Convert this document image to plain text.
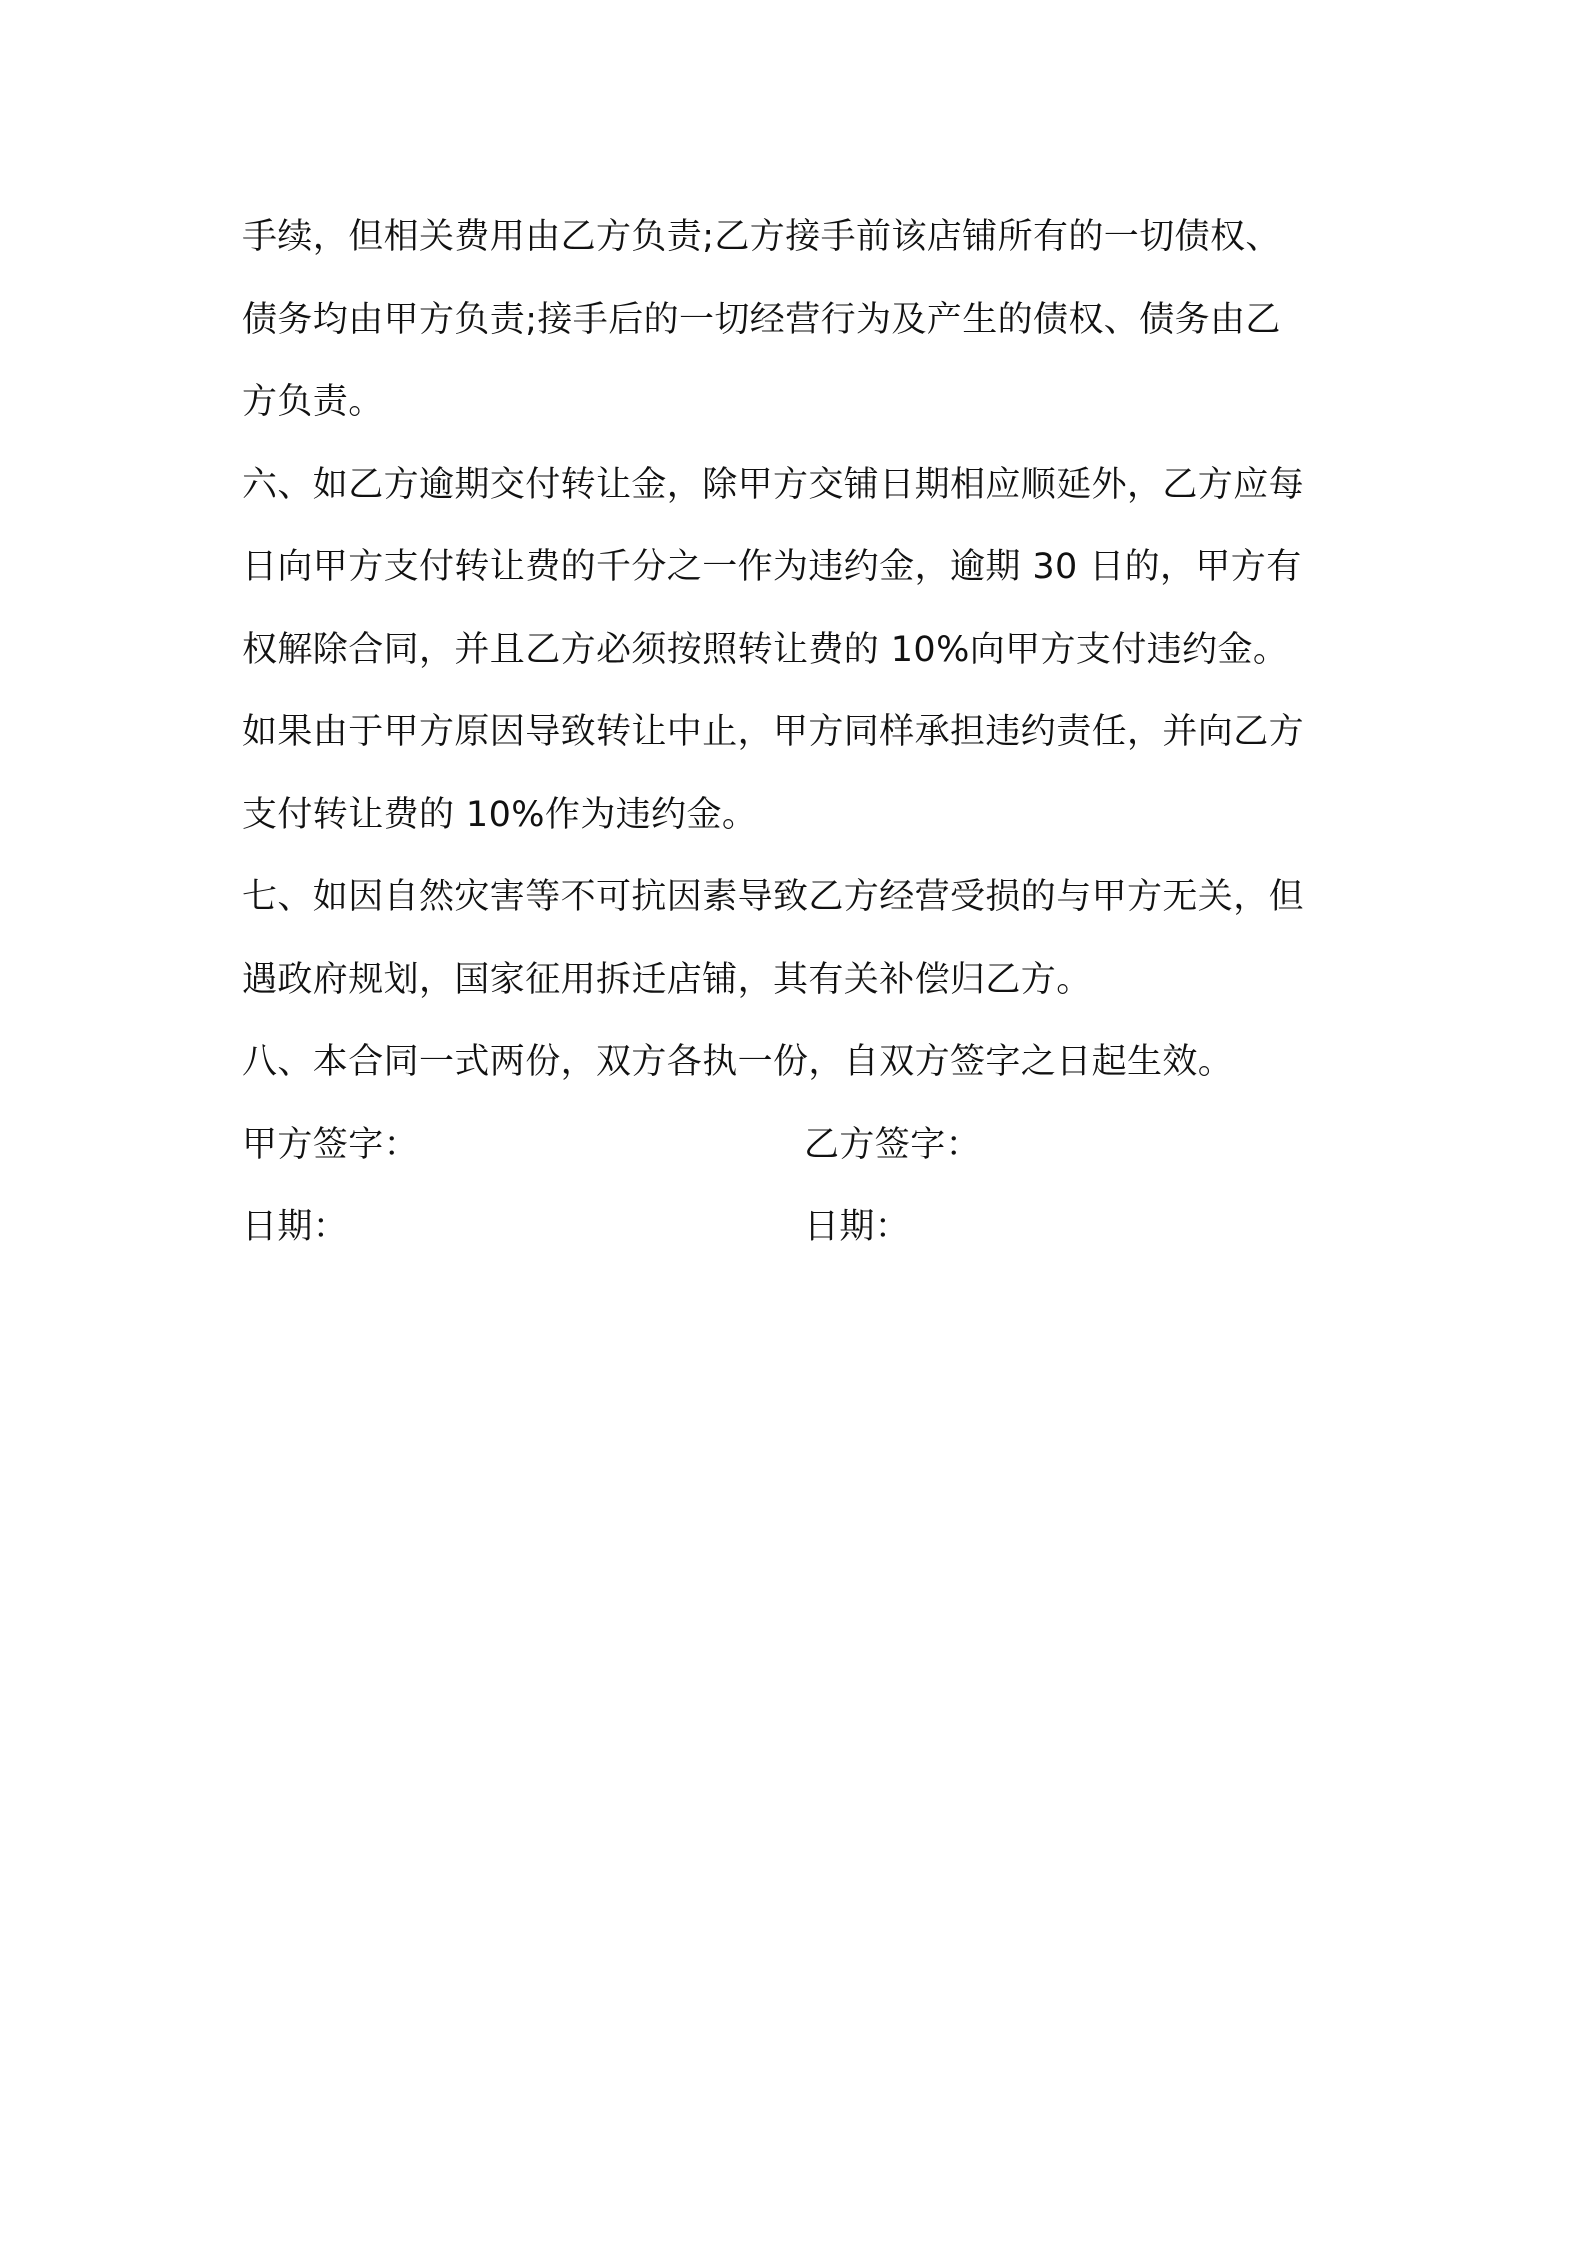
手续，但相关费用由乙方负责;乙方接手前该店铺所有的一切债权、
债务均由甲方负责;接手后的一切经营行为及产生的债权、债务由乙
方负责。
六、如乙方逾期交付转让金，除甲方交铺日期相应顺延外，乙方应每
日向甲方支付转让费的千分之一作为违约金，逾期 30 日的，甲方有
权解除合同，并且乙方必须按照转让费的 10%向甲方支付违约金。
如果由于甲方原因导致转让中止，甲方同样承担违约责任，并向乙方
支付转让费的 10%作为违约金。
七、如因自然灾害等不可抗因素导致乙方经营受损的与甲方无关，但
遇政府规划，国家征用拆迁店铺，其有关补偿归乙方。
八、本合同一式两份，双方各执一份，自双方签字之日起生效。
甲方签字：	乙方签字：
日期：	日期：
